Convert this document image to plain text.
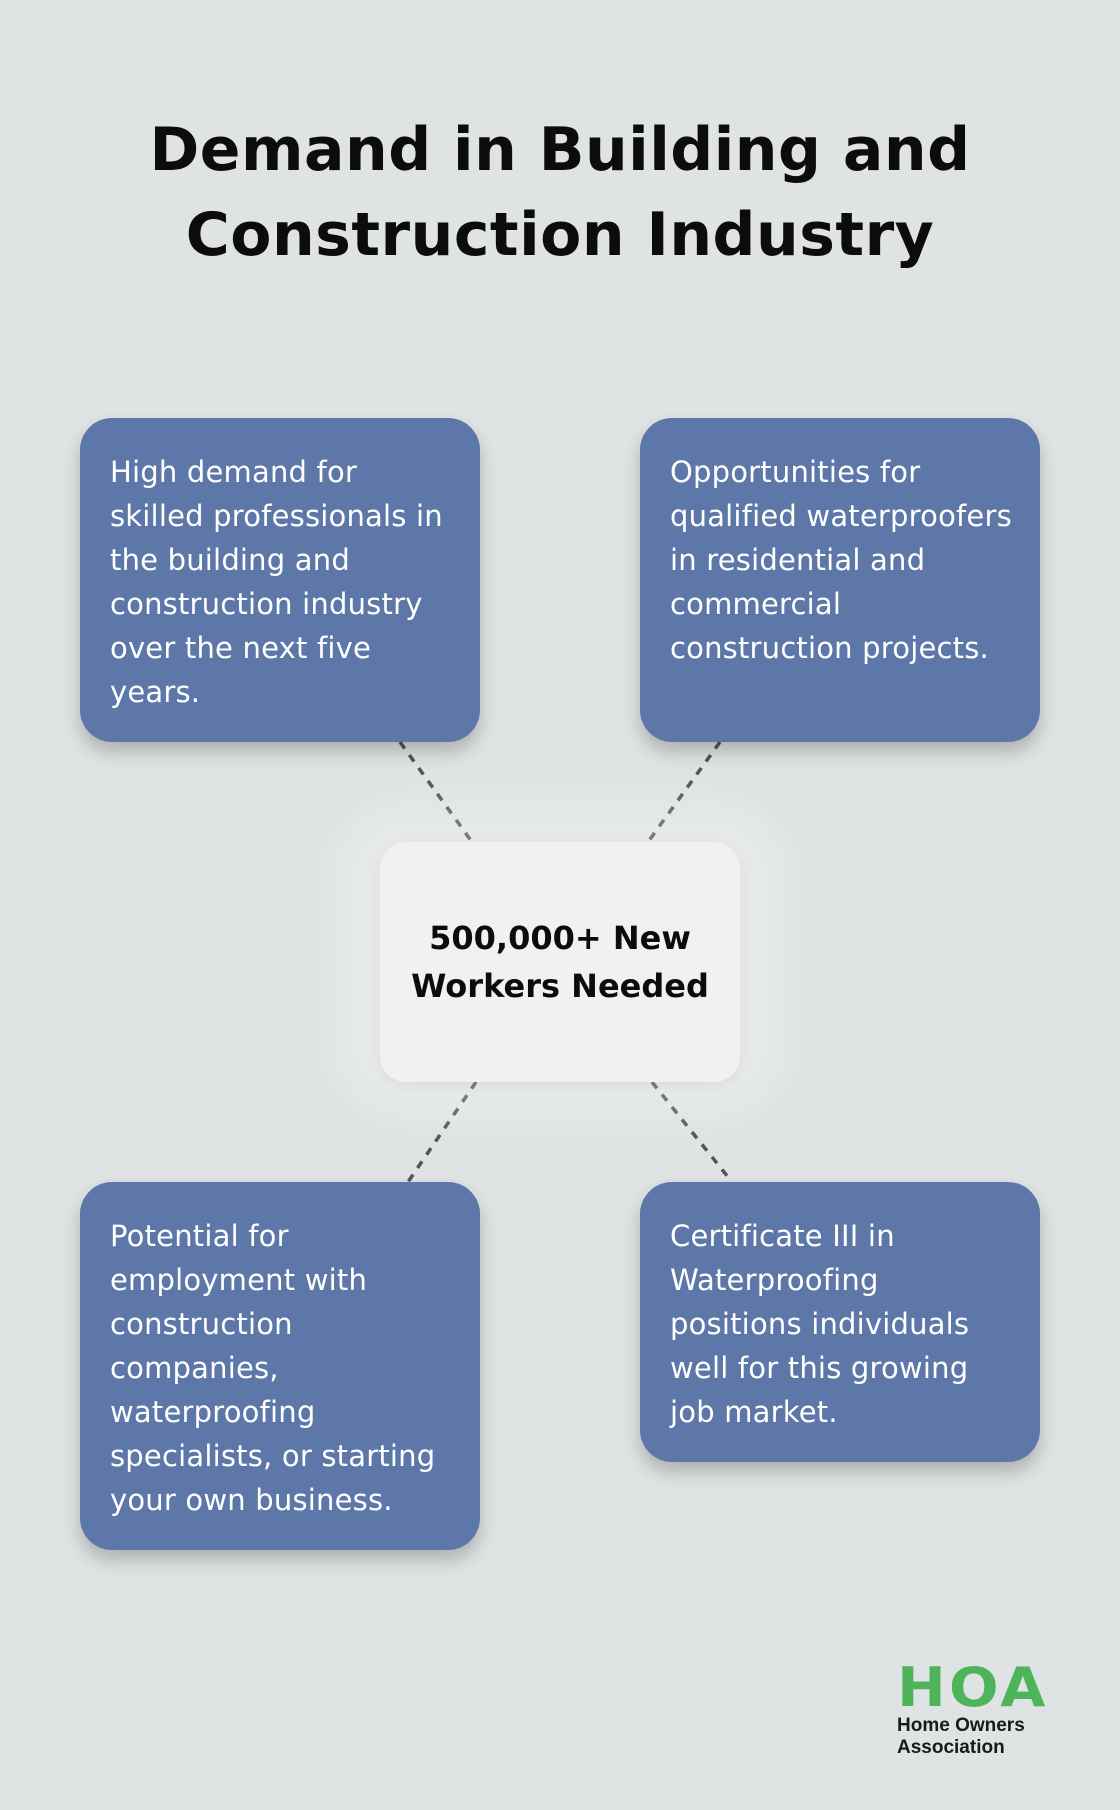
Demand in Building and
Construction Industry
High demand for skilled professionals in the building and construction industry over the next five years.
Opportunities for qualified waterproofers in residential and commercial construction projects.
500,000+ New
Workers Needed
Potential for employment with construction companies, waterproofing specialists, or starting your own business.
Certificate III in Waterproofing positions individuals well for this growing job market.
HOA
Home Owners
Association
